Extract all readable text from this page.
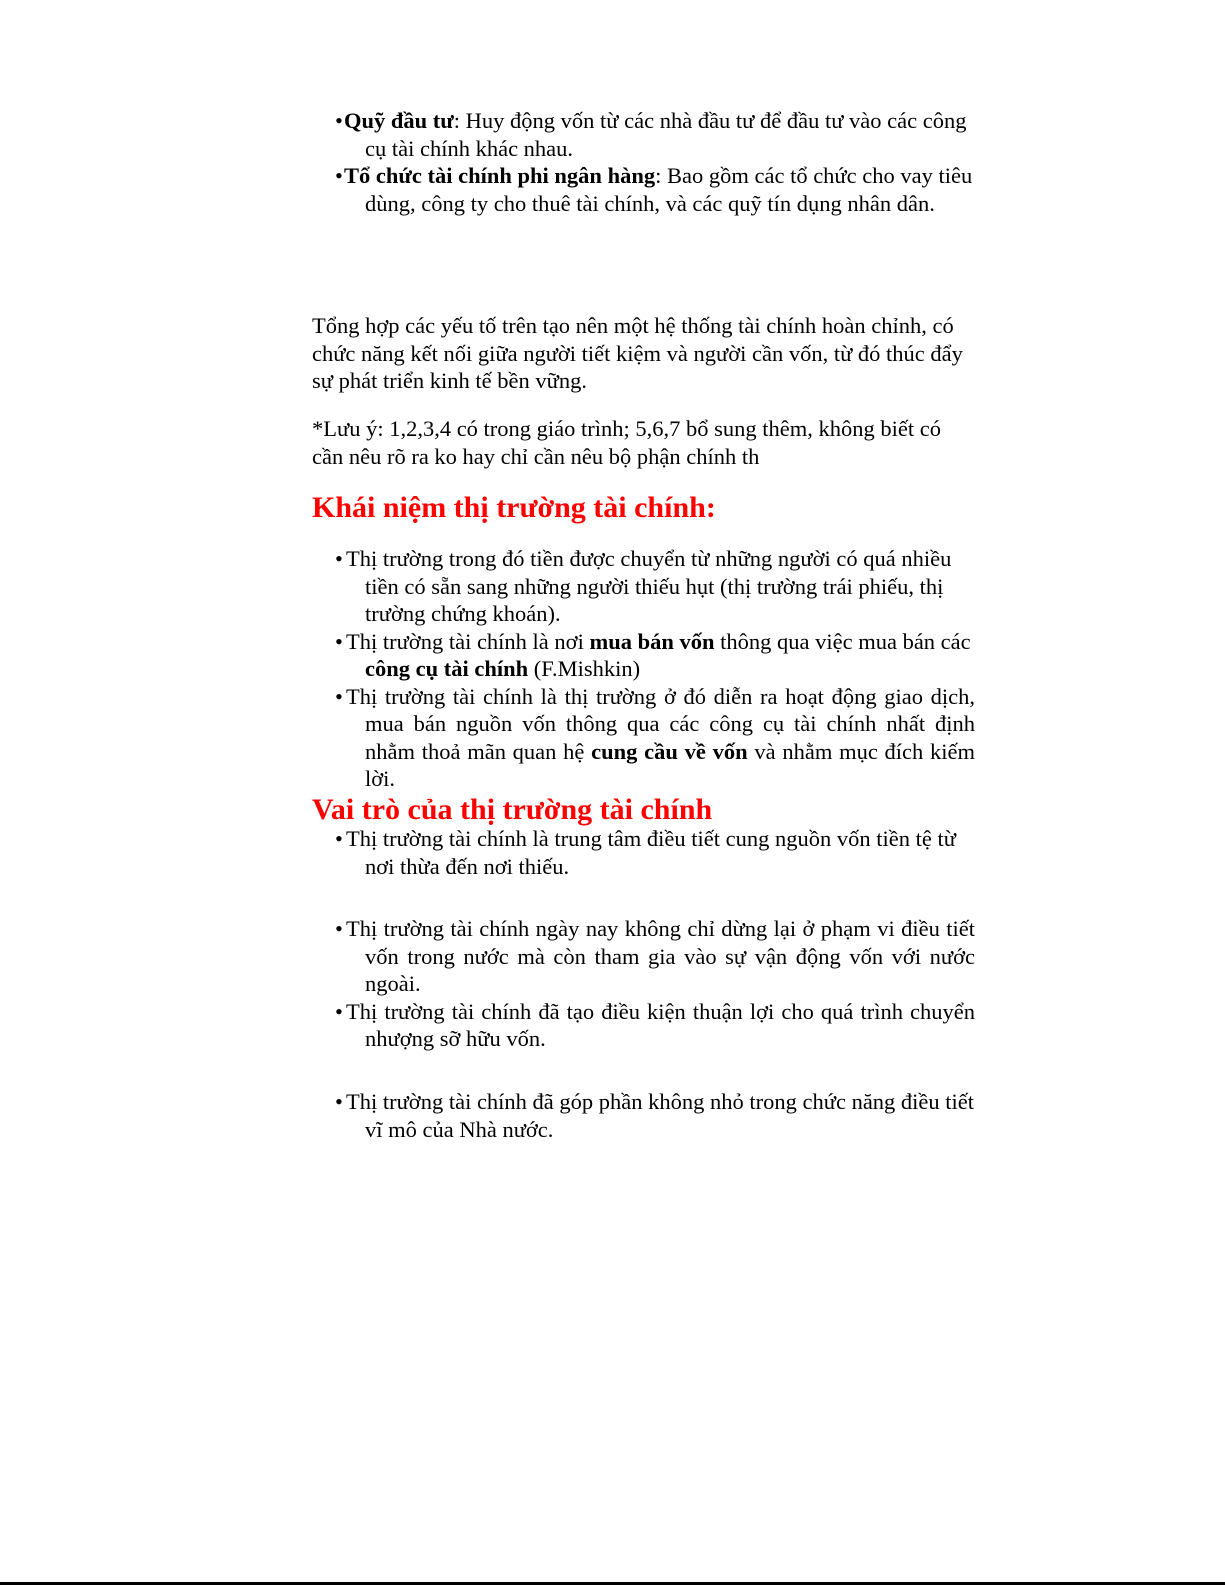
•Quỹ đầu tư: Huy động vốn từ các nhà đầu tư để đầu tư vào các công cụ tài chính khác nhau.
•Tổ chức tài chính phi ngân hàng: Bao gồm các tổ chức cho vay tiêu dùng, công ty cho thuê tài chính, và các quỹ tín dụng nhân dân.

Tổng hợp các yếu tố trên tạo nên một hệ thống tài chính hoàn chỉnh, có chức năng kết nối giữa người tiết kiệm và người cần vốn, từ đó thúc đẩy sự phát triển kinh tế bền vững.

*Lưu ý: 1,2,3,4 có trong giáo trình; 5,6,7 bổ sung thêm, không biết có cần nêu rõ ra ko hay chỉ cần nêu bộ phận chính th

Khái niệm thị trường tài chính:
• Thị trường trong đó tiền được chuyển từ những người có quá nhiều tiền có sẵn sang những người thiếu hụt (thị trường trái phiếu, thị trường chứng khoán).
• Thị trường tài chính là nơi mua bán vốn thông qua việc mua bán các công cụ tài chính (F.Mishkin)
• Thị trường tài chính là thị trường ở đó diễn ra hoạt động giao dịch, mua bán nguồn vốn thông qua các công cụ tài chính nhất định nhằm thoả mãn quan hệ cung cầu về vốn và nhằm mục đích kiếm lời.
Vai trò của thị trường tài chính
• Thị trường tài chính là trung tâm điều tiết cung nguồn vốn tiền tệ từ nơi thừa đến nơi thiếu.
• Thị trường tài chính ngày nay không chỉ dừng lại ở phạm vi điều tiết vốn trong nước mà còn tham gia vào sự vận động vốn với nước ngoài.
• Thị trường tài chính đã tạo điều kiện thuận lợi cho quá trình chuyển nhượng sỡ hữu vốn.
• Thị trường tài chính đã góp phần không nhỏ trong chức năng điều tiết vĩ mô của Nhà nước.
